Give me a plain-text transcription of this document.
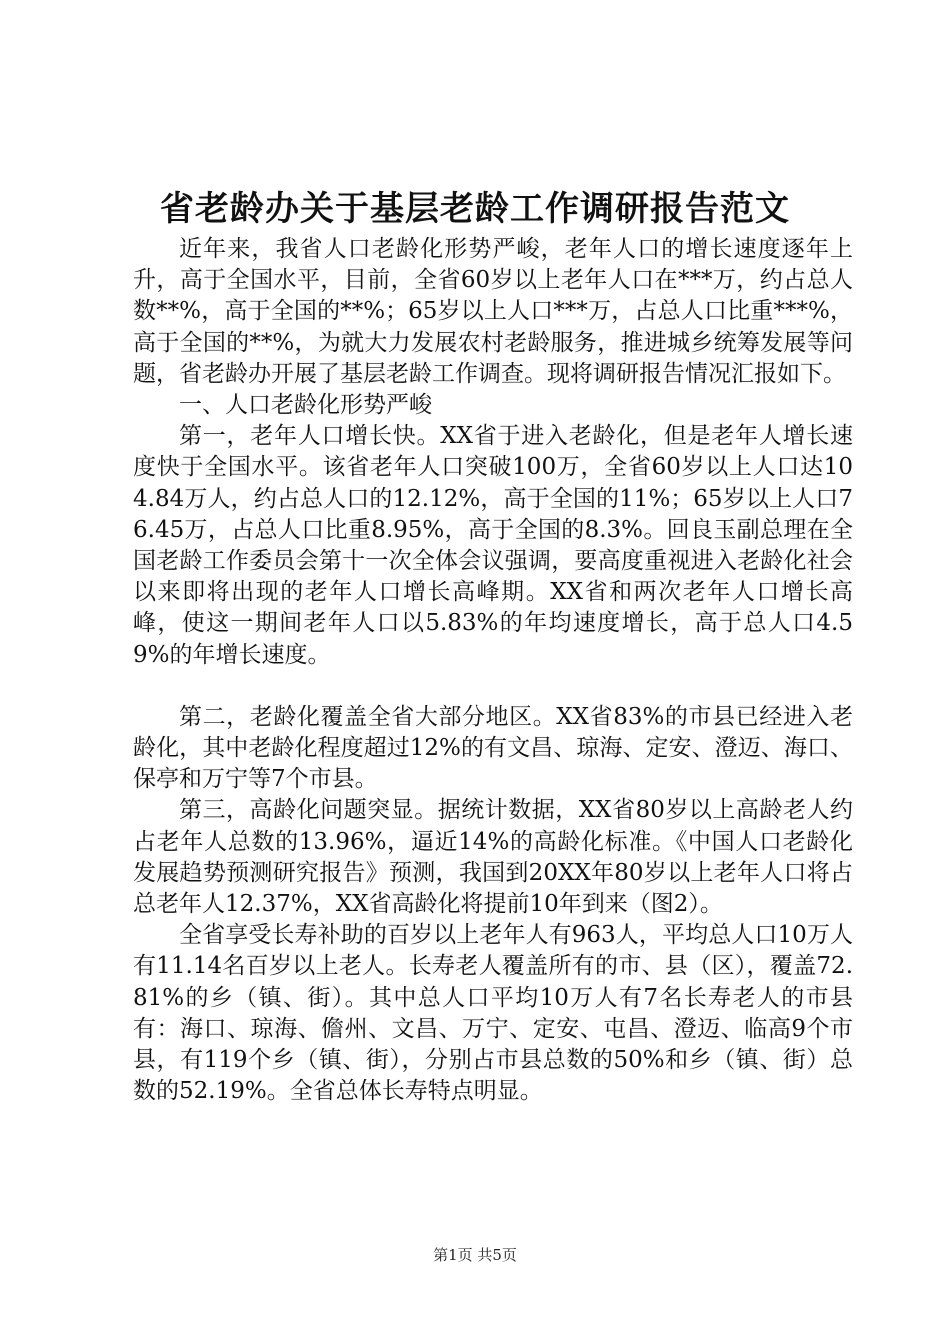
省老龄办关于基层老龄工作调研报告范文

近年来，我省人口老龄化形势严峻，老年人口的增长速度逐年上升，高于全国水平，目前，全省60岁以上老年人口在***万，约占总人数**%，高于全国的**%；65岁以上人口***万，占总人口比重***%，高于全国的**%，为就大力发展农村老龄服务，推进城乡统筹发展等问题，省老龄办开展了基层老龄工作调查。现将调研报告情况汇报如下。

一、人口老龄化形势严峻

第一，老年人口增长快。XX省于进入老龄化，但是老年人增长速度快于全国水平。该省老年人口突破100万，全省60岁以上人口达104.84万人，约占总人口的12.12%，高于全国的11%；65岁以上人口76.45万，占总人口比重8.95%，高于全国的8.3%。回良玉副总理在全国老龄工作委员会第十一次全体会议强调，要高度重视进入老龄化社会以来即将出现的老年人口增长高峰期。XX省和两次老年人口增长高峰，使这一期间老年人口以5.83%的年均速度增长，高于总人口4.59%的年增长速度。

第二，老龄化覆盖全省大部分地区。XX省83%的市县已经进入老龄化，其中老龄化程度超过12%的有文昌、琼海、定安、澄迈、海口、保亭和万宁等7个市县。

第三，高龄化问题突显。据统计数据，XX省80岁以上高龄老人约占老年人总数的13.96%，逼近14%的高龄化标准。《中国人口老龄化发展趋势预测研究报告》预测，我国到20XX年80岁以上老年人口将占总老年人12.37%，XX省高龄化将提前10年到来（图2）。

全省享受长寿补助的百岁以上老年人有963人，平均总人口10万人有11.14名百岁以上老人。长寿老人覆盖所有的市、县（区），覆盖72.81%的乡（镇、街）。其中总人口平均10万人有7名长寿老人的市县有：海口、琼海、儋州、文昌、万宁、定安、屯昌、澄迈、临高9个市县，有119个乡（镇、街），分别占市县总数的50%和乡（镇、街）总数的52.19%。全省总体长寿特点明显。

第1页 共5页
